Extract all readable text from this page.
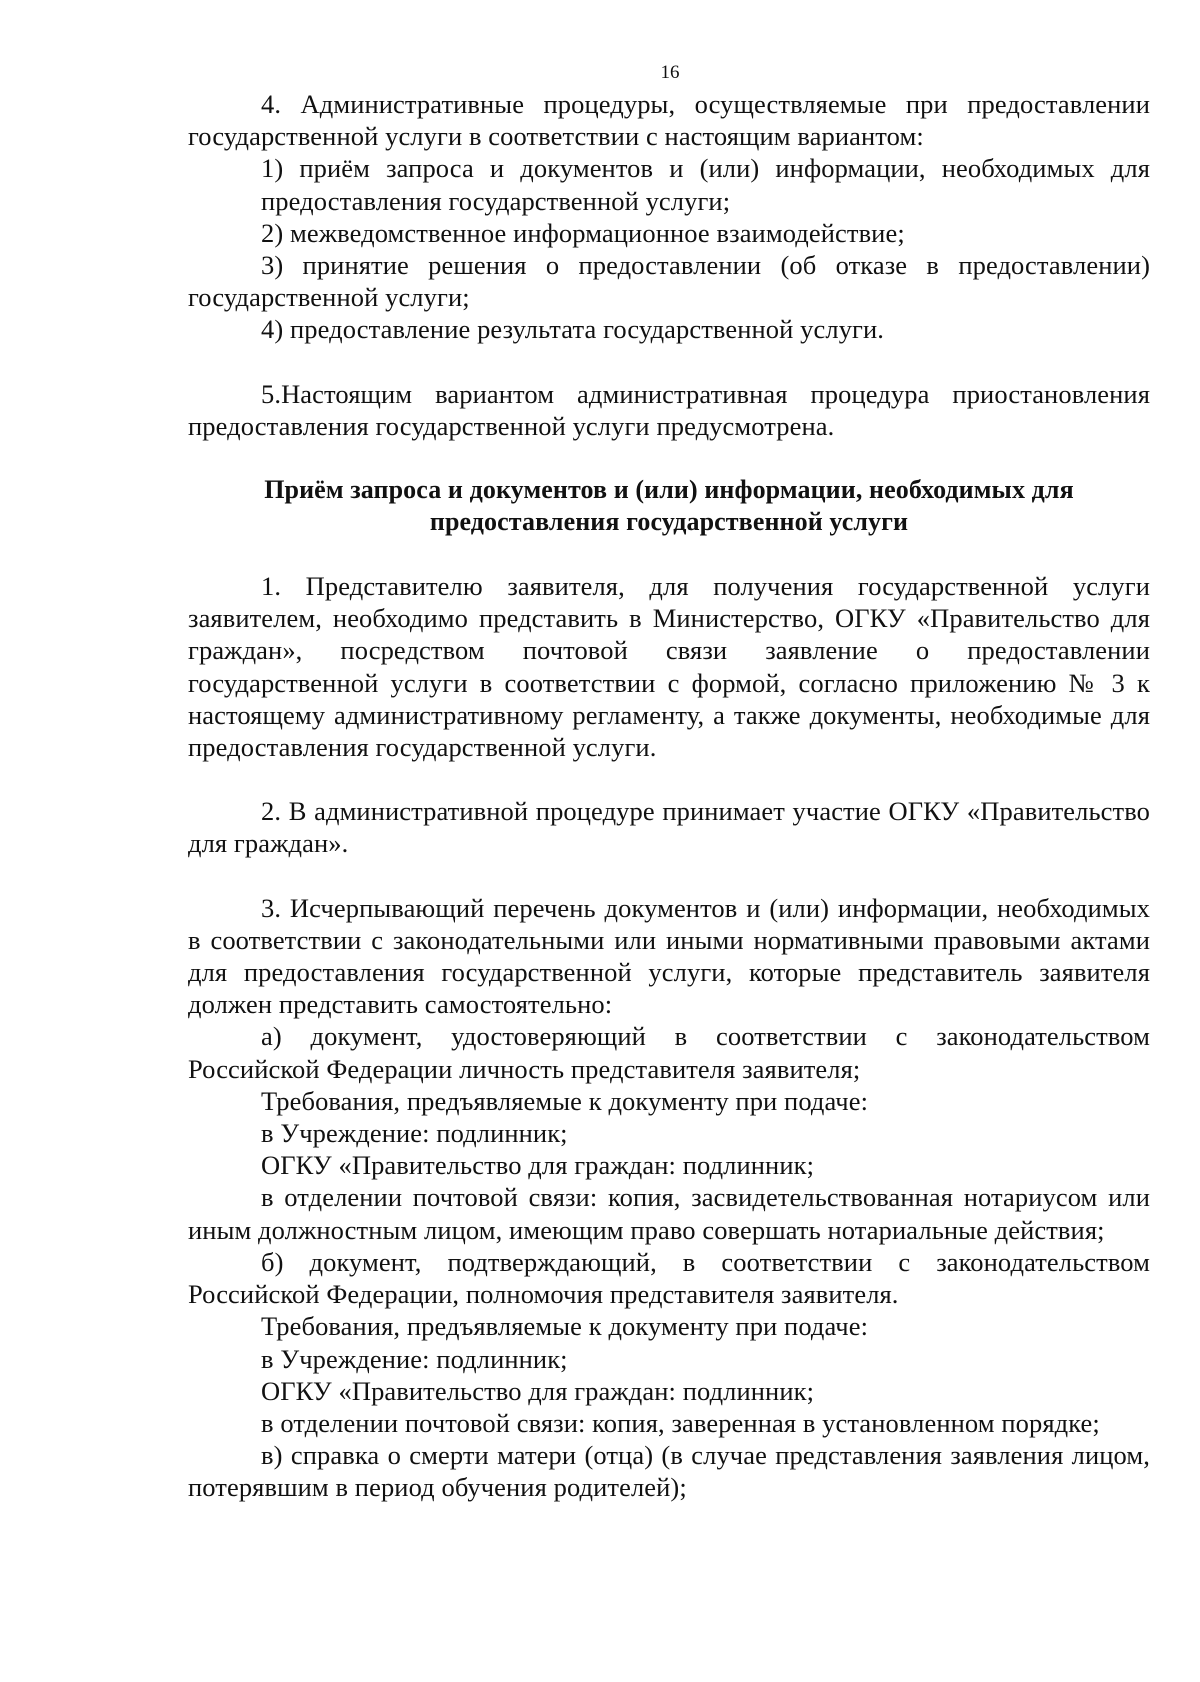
16

4. Административные процедуры, осуществляемые при предоставлении государственной услуги в соответствии с настоящим вариантом:

1) приём запроса и документов и (или) информации, необходимых для предоставления государственной услуги;

2) межведомственное информационное взаимодействие;

3) принятие решения о предоставлении (об отказе в предоставлении) государственной услуги;

4) предоставление результата государственной услуги.

5.Настоящим вариантом административная процедура приостановления предоставления государственной услуги предусмотрена.

Приём запроса и документов и (или) информации, необходимых для предоставления государственной услуги

1. Представителю заявителя, для получения государственной услуги заявителем, необходимо представить в Министерство, ОГКУ «Правительство для граждан», посредством почтовой связи заявление о предоставлении государственной услуги в соответствии с формой, согласно приложению № 3 к настоящему административному регламенту, а также документы, необходимые для предоставления государственной услуги.

2. В административной процедуре принимает участие ОГКУ «Правительство для граждан».

3. Исчерпывающий перечень документов и (или) информации, необходимых в соответствии с законодательными или иными нормативными правовыми актами для предоставления государственной услуги, которые представитель заявителя должен представить самостоятельно:

а) документ, удостоверяющий в соответствии с законодательством Российской Федерации личность представителя заявителя;

Требования, предъявляемые к документу при подаче:

в Учреждение: подлинник;

ОГКУ «Правительство для граждан: подлинник;

в отделении почтовой связи: копия, засвидетельствованная нотариусом или иным должностным лицом, имеющим право совершать нотариальные действия;

б) документ, подтверждающий, в соответствии с законодательством Российской Федерации, полномочия представителя заявителя.

Требования, предъявляемые к документу при подаче:

в Учреждение: подлинник;

ОГКУ «Правительство для граждан: подлинник;

в отделении почтовой связи: копия, заверенная в установленном порядке;

в) справка о смерти матери (отца) (в случае представления заявления лицом, потерявшим в период обучения родителей);
